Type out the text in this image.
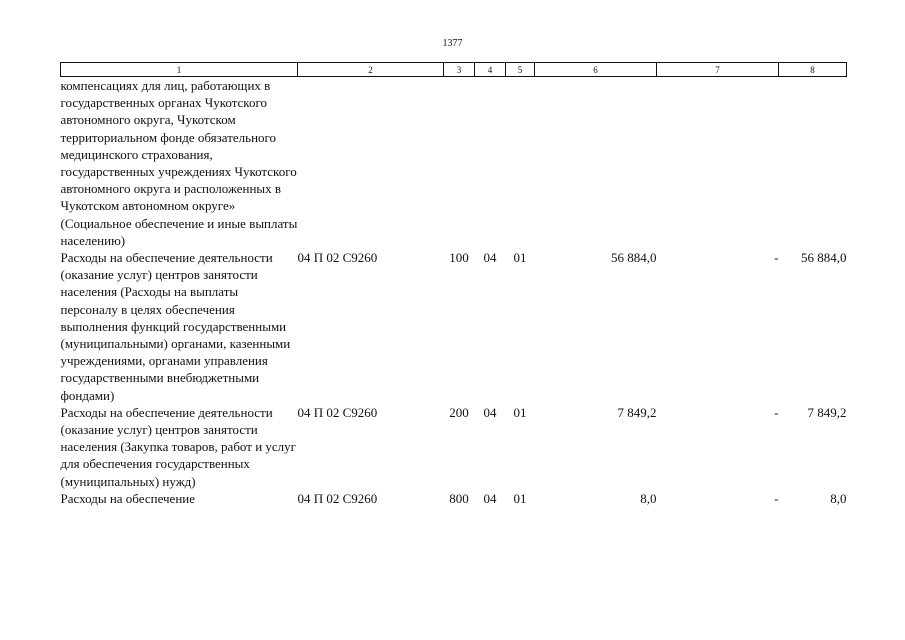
1377
1	2	3	4	5	6	7	8
компенсациях для лиц, работающих в государственных органах Чукотского автономного округа, Чукотском территориальном фонде обязательного медицинского страхования, государственных учреждениях Чукотского автономного округа и расположенных в Чукотском автономном округе» (Социальное обеспечение и иные выплаты населению)							
Расходы на обеспечение деятельности (оказание услуг) центров занятости населения (Расходы на выплаты персоналу в целях обеспечения выполнения функций государственными (муниципальными) органами, казенными учреждениями, органами управления государственными внебюджетными фондами)	04 П 02 С9260	100	04	01	56 884,0	-	56 884,0
Расходы на обеспечение деятельности (оказание услуг) центров занятости населения (Закупка товаров, работ и услуг для обеспечения государственных (муниципальных) нужд)	04 П 02 С9260	200	04	01	7 849,2	-	7 849,2
Расходы на обеспечение	04 П 02 С9260	800	04	01	8,0	-	8,0
